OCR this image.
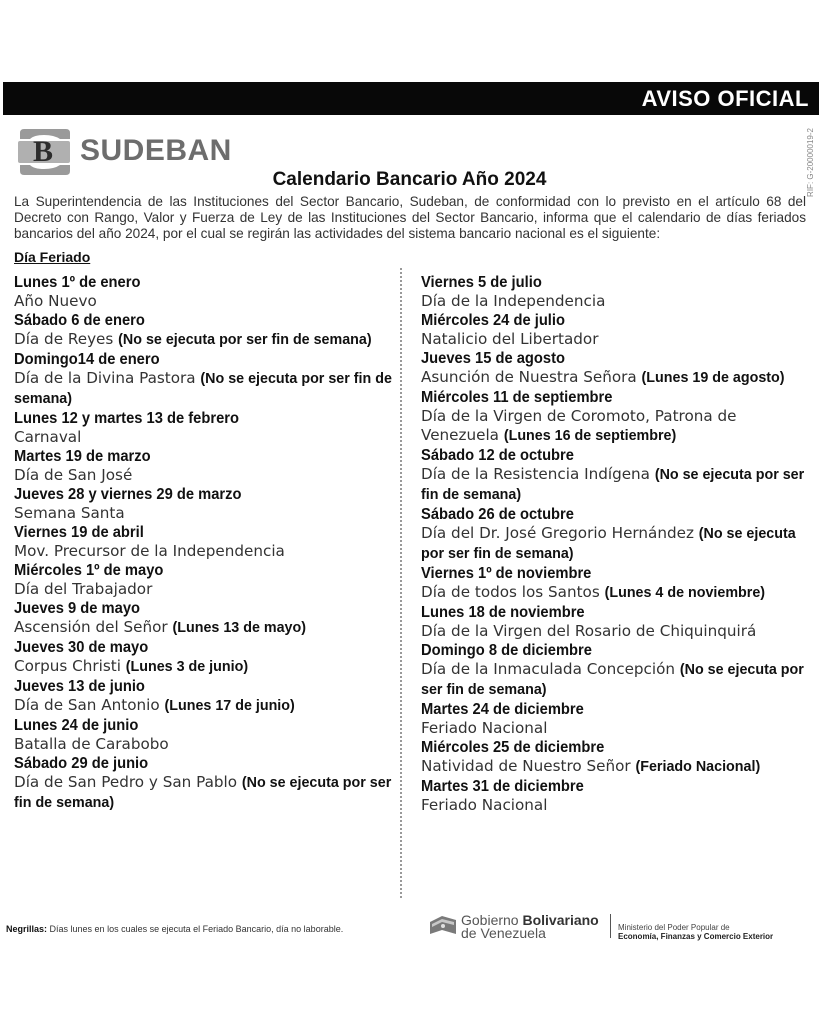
AVISO OFICIAL
B SUDEBAN	RIF: G-20000019-2
Calendario Bancario Año 2024
La Superintendencia de las Instituciones del Sector Bancario, Sudeban, de conformidad con lo previsto en el artículo 68 del Decreto con Rango, Valor y Fuerza de Ley de las Instituciones del Sector Bancario, informa que el calendario de días feriados bancarios del año 2024, por el cual se regirán las actividades del sistema bancario nacional es el siguiente:
Día Feriado
Lunes 1º de enero
Año Nuevo
Sábado 6 de enero
Día de Reyes (No se ejecuta por ser fin de semana)
Domingo14 de enero
Día de la Divina Pastora (No se ejecuta por ser fin de semana)
Lunes 12 y martes 13 de febrero
Carnaval
Martes 19 de marzo
Día de San José
Jueves 28 y viernes 29 de marzo
Semana Santa
Viernes 19 de abril
Mov. Precursor de la Independencia
Miércoles 1º de mayo
Día del Trabajador
Jueves 9 de mayo
Ascensión del Señor (Lunes 13 de mayo)
Jueves 30 de mayo
Corpus Christi (Lunes 3 de junio)
Jueves 13 de junio
Día de San Antonio (Lunes 17 de junio)
Lunes 24 de junio
Batalla de Carabobo
Sábado 29 de junio
Día de San Pedro y San Pablo (No se ejecuta por ser fin de semana)
Viernes 5 de julio
Día de la Independencia
Miércoles 24 de julio
Natalicio del Libertador
Jueves 15 de agosto
Asunción de Nuestra Señora (Lunes 19 de agosto)
Miércoles 11 de septiembre
Día de la Virgen de Coromoto, Patrona de Venezuela (Lunes 16 de septiembre)
Sábado 12 de octubre
Día de la Resistencia Indígena (No se ejecuta por ser fin de semana)
Sábado 26 de octubre
Día del Dr. José Gregorio Hernández (No se ejecuta por ser fin de semana)
Viernes 1º de noviembre
Día de todos los Santos (Lunes 4 de noviembre)
Lunes 18 de noviembre
Día de la Virgen del Rosario de Chiquinquirá
Domingo 8 de diciembre
Día de la Inmaculada Concepción (No se ejecuta por ser fin de semana)
Martes 24 de diciembre
Feriado Nacional
Miércoles 25 de diciembre
Natividad de Nuestro Señor (Feriado Nacional)
Martes 31 de diciembre
Feriado Nacional
Negrillas: Días lunes en los cuales se ejecuta el Feriado Bancario, día no laborable.
Gobierno Bolivariano
de Venezuela	Ministerio del Poder Popular de
Economía, Finanzas y Comercio Exterior
